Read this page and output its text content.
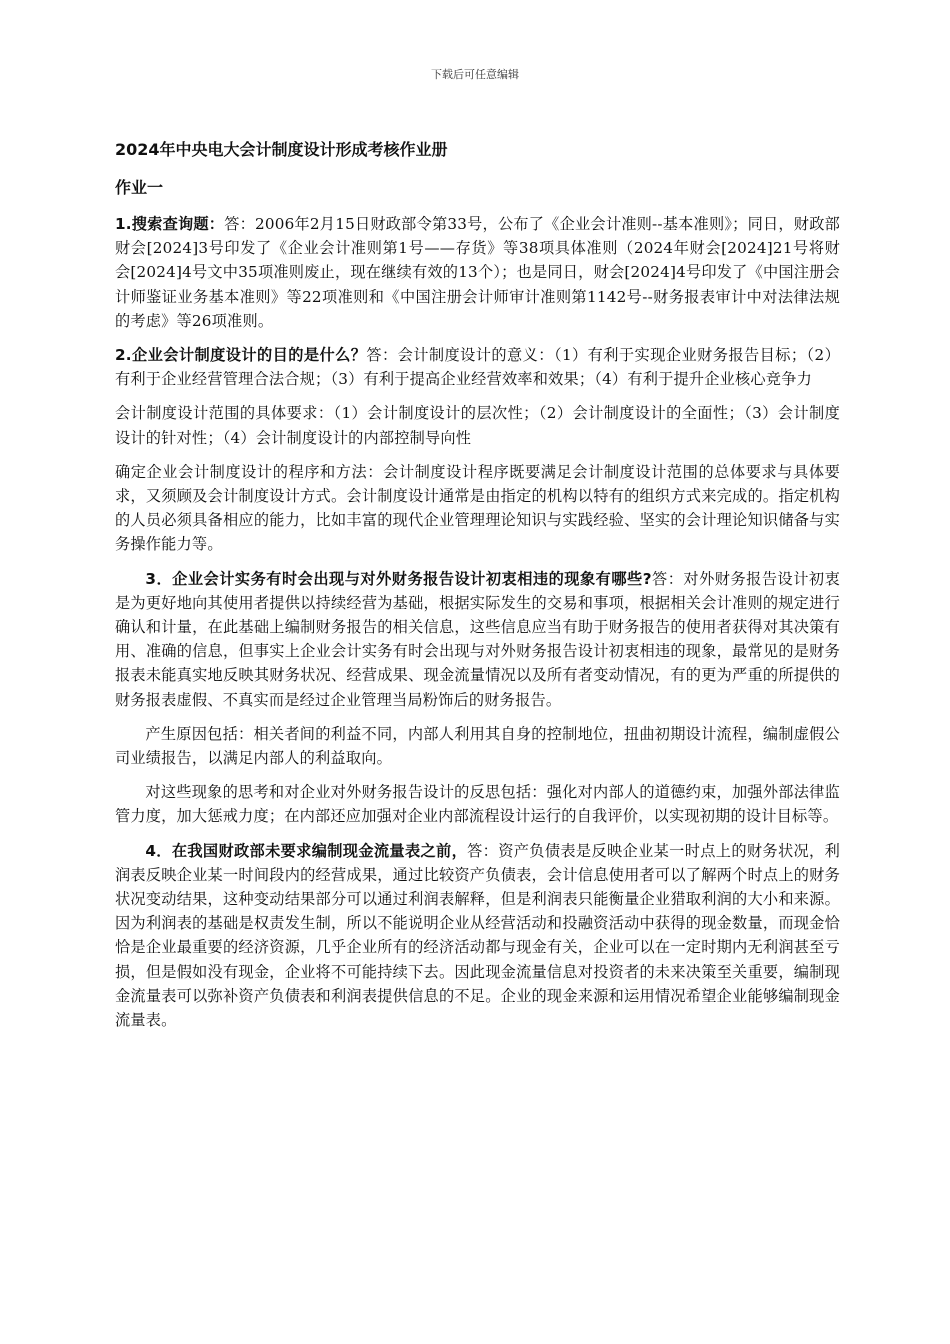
下载后可任意编辑
2024年中央电大会计制度设计形成考核作业册
作业一

1.搜索查询题：答：2006年2月15日财政部令第33号，公布了《企业会计准则--基本准则》；同日，财政部财会[2024]3号印发了《企业会计准则第1号——存货》等38项具体准则（2024年财会[2024]21号将财会[2024]4号文中35项准则废止，现在继续有效的13个）；也是同日，财会[2024]4号印发了《中国注册会计师鉴证业务基本准则》等22项准则和《中国注册会计师审计准则第1142号--财务报表审计中对法律法规的考虑》等26项准则。

2.企业会计制度设计的目的是什么？答：会计制度设计的意义：（1）有利于实现企业财务报告目标；（2）有利于企业经营管理合法合规；（3）有利于提高企业经营效率和效果；（4）有利于提升企业核心竞争力

会计制度设计范围的具体要求：（1）会计制度设计的层次性；（2）会计制度设计的全面性；（3）会计制度设计的针对性；（4）会计制度设计的内部控制导向性

确定企业会计制度设计的程序和方法：会计制度设计程序既要满足会计制度设计范围的总体要求与具体要求，又须顾及会计制度设计方式。会计制度设计通常是由指定的机构以特有的组织方式来完成的。指定机构的人员必须具备相应的能力，比如丰富的现代企业管理理论知识与实践经验、坚实的会计理论知识储备与实务操作能力等。

3．企业会计实务有时会出现与对外财务报告设计初衷相违的现象有哪些?答：对外财务报告设计初衷是为更好地向其使用者提供以持续经营为基础，根据实际发生的交易和事项，根据相关会计准则的规定进行确认和计量，在此基础上编制财务报告的相关信息，这些信息应当有助于财务报告的使用者获得对其决策有用、准确的信息，但事实上企业会计实务有时会出现与对外财务报告设计初衷相违的现象，最常见的是财务报表未能真实地反映其财务状况、经营成果、现金流量情况以及所有者变动情况，有的更为严重的所提供的财务报表虚假、不真实而是经过企业管理当局粉饰后的财务报告。

产生原因包括：相关者间的利益不同，内部人利用其自身的控制地位，扭曲初期设计流程，编制虚假公司业绩报告，以满足内部人的利益取向。

对这些现象的思考和对企业对外财务报告设计的反思包括：强化对内部人的道德约束，加强外部法律监管力度，加大惩戒力度；在内部还应加强对企业内部流程设计运行的自我评价，以实现初期的设计目标等。

4．在我国财政部未要求编制现金流量表之前，答：资产负债表是反映企业某一时点上的财务状况，利润表反映企业某一时间段内的经营成果，通过比较资产负债表，会计信息使用者可以了解两个时点上的财务状况变动结果，这种变动结果部分可以通过利润表解释，但是利润表只能衡量企业猎取利润的大小和来源。因为利润表的基础是权责发生制，所以不能说明企业从经营活动和投融资活动中获得的现金数量，而现金恰恰是企业最重要的经济资源，几乎企业所有的经济活动都与现金有关，企业可以在一定时期内无利润甚至亏损，但是假如没有现金，企业将不可能持续下去。因此现金流量信息对投资者的未来决策至关重要，编制现金流量表可以弥补资产负债表和利润表提供信息的不足。企业的现金来源和运用情况希望企业能够编制现金流量表。
